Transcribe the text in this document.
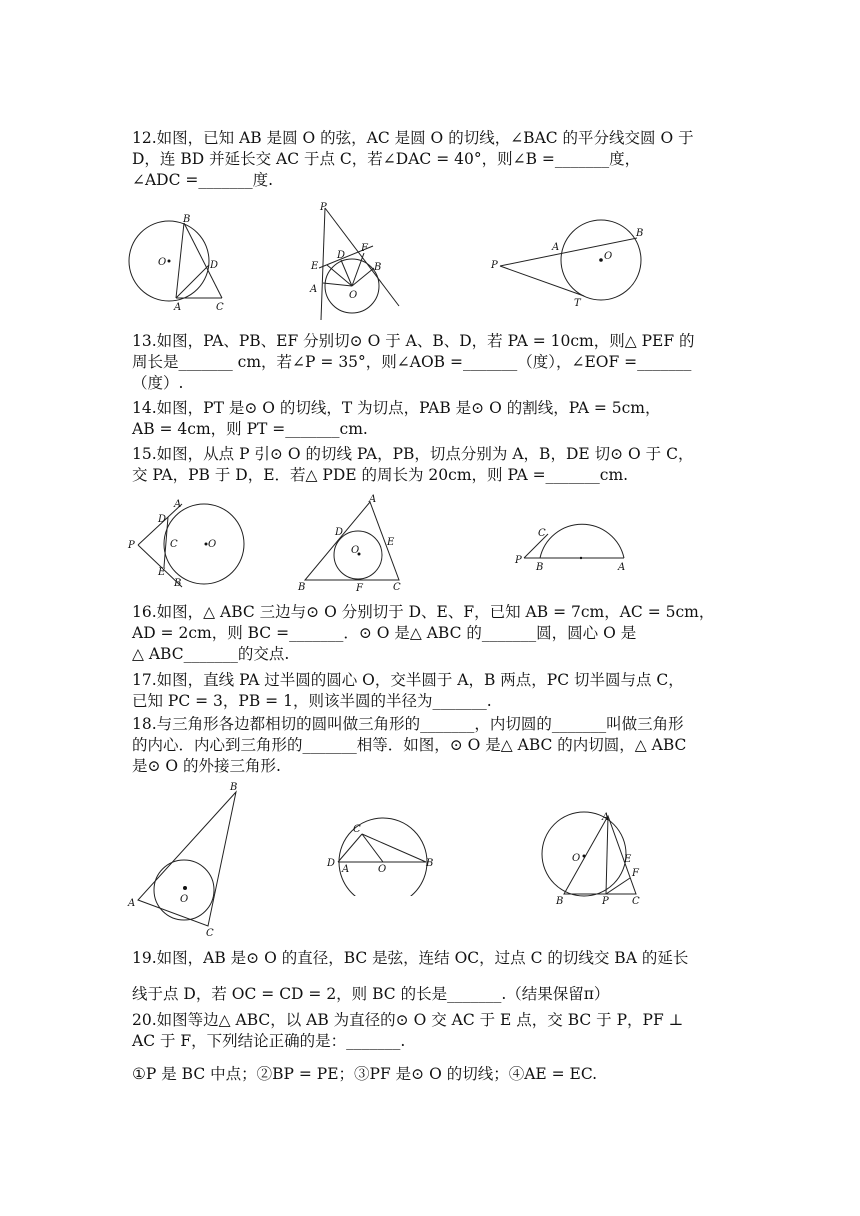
12.如图，已知 AB 是圆 O 的弦，AC 是圆 O 的切线，∠BAC 的平分线交圆 O 于
D，连 BD 并延长交 AC 于点 C，若∠DAC = 40°，则∠B =_______度，
∠ADC =_______度.
B
O	D
A	C
P
F
E
D
B
A
O
P
A
B
O
T
13.如图，PA、PB、EF 分别切⊙ O 于 A、B、D，若 PA = 10cm，则△ PEF 的
周长是_______ cm，若∠P = 35°，则∠AOB =_______（度），∠EOF =_______
（度）.
14.如图，PT 是⊙ O 的切线，T 为切点，PAB 是⊙ O 的割线，PA = 5cm，
AB = 4cm，则 PT =_______cm.
15.如图，从点 P 引⊙ O 的切线 PA，PB，切点分别为 A，B，DE 切⊙ O 于 C，
交 PA，PB 于 D，E．若△ PDE 的周长为 20cm，则 PA =_______cm.
A
D
C	O
P
E
B
A
D
O
E
B	F	C
C
P
B	A
16.如图，△ ABC 三边与⊙ O 分别切于 D、E、F，已知 AB = 7cm，AC = 5cm，
AD = 2cm，则 BC =_______．⊙ O 是△ ABC 的_______圆，圆心 O 是
△ ABC_______的交点.
17.如图，直线 PA 过半圆的圆心 O，交半圆于 A，B 两点，PC 切半圆与点 C，
已知 PC = 3，PB = 1，则该半圆的半径为_______.
18.与三角形各边都相切的圆叫做三角形的_______，内切圆的_______叫做三角形
的内心．内心到三角形的_______相等．如图，⊙ O 是△ ABC 的内切圆，△ ABC
是⊙ O 的外接三角形.
B
O
A
C
C
D
A	O
B
A
O	E
F
B	P C
19.如图，AB 是⊙ O 的直径，BC 是弦，连结 OC，过点 C 的切线交 BA 的延长
线于点 D，若 OC = CD = 2，则 BC 的长是_______.（结果保留π）
20.如图等边△ ABC，以 AB 为直径的⊙ O 交 AC 于 E 点，交 BC 于 P，PF ⊥
AC 于 F，下列结论正确的是：_______.
①P 是 BC 中点；②BP = PE；③PF 是⊙ O 的切线；④AE = EC.
